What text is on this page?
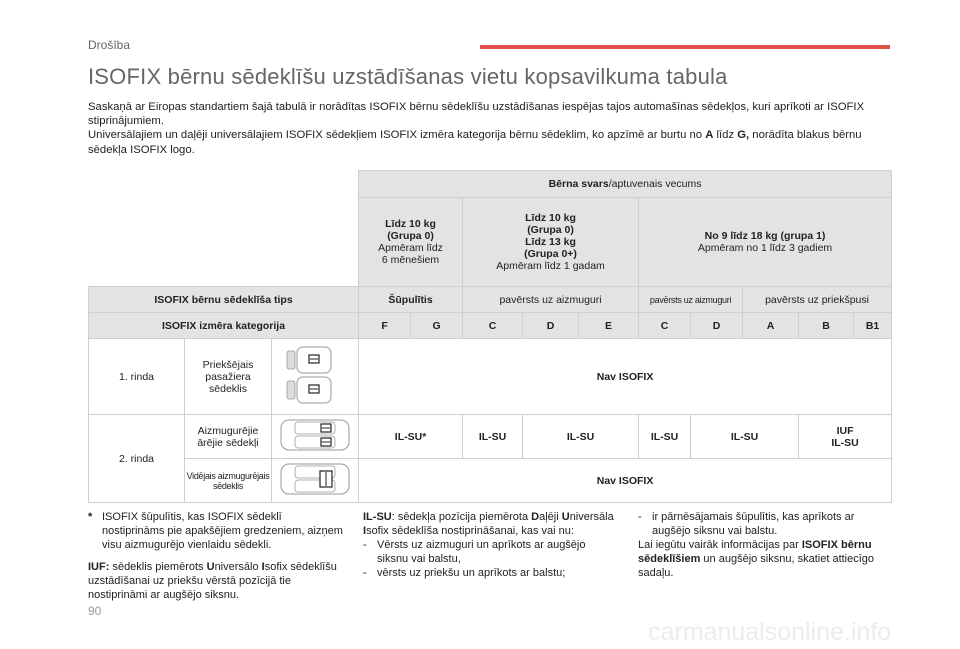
Drošība
ISOFIX bērnu sēdeklīšu uzstādīšanas vietu kopsavilkuma tabula
Saskaņā ar Eiropas standartiem šajā tabulā ir norādītas ISOFIX bērnu sēdeklīšu uzstādīšanas iespējas tajos automašīnas sēdekļos, kuri aprīkoti ar ISOFIX stiprinājumiem.
Universālajiem un daļēji universālajiem ISOFIX sēdekļiem ISOFIX izmēra kategorija bērnu sēdeklim, ko apzīmē ar burtu no A līdz G, norādīta blakus bērnu sēdekļa ISOFIX logo.
			Bērna svars/aptuvenais vecums									
			Līdz 10 kg
(Grupa 0)
Apmēram līdz
6 mēnešiem		Līdz 10 kg
(Grupa 0)
Līdz 13 kg
(Grupa 0+)
Apmēram līdz 1 gadam			No 9 līdz 18 kg (grupa 1)
Apmēram no 1 līdz 3 gadiem				
ISOFIX bērnu sēdeklīša tips			Šūpulītis		pavērsts uz aizmuguri			pavērsts uz aizmuguri		pavērsts uz priekšpusi		
ISOFIX izmēra kategorija			F	G	C	D	E	C	D	A	B	B1
1. rinda	Priekšējais
pasažiera
sēdeklis		Nav ISOFIX									
2. rinda	Aizmugurējie
ārējie sēdekļi		IL-SU*		IL-SU	IL-SU		IL-SU	IL-SU		IUF
IL-SU	
	Vidējais aizmugurējais
sēdeklis		Nav ISOFIX									
* ISOFIX šūpulītis, kas ISOFIX sēdeklī nostiprināms pie apakšējiem gredzeniem, aizņem visu aizmugurējo vienlaidu sēdekli.
IUF: sēdeklis piemērots Universālo Isofix sēdeklīšu uzstādīšanai uz priekšu vērstā pozīcijā tie nostiprināmi ar augšējo siksnu.
IL-SU: sēdekļa pozīcija piemērota Daļēji Universāla Isofix sēdeklīša nostiprināšanai, kas vai nu:
- Vērsts uz aizmuguri un aprīkots ar augšējo siksnu vai balstu,
- vērsts uz priekšu un aprīkots ar balstu;
- ir pārnēsājamais šūpulītis, kas aprīkots ar augšējo siksnu vai balstu.
Lai iegūtu vairāk informācijas par ISOFIX bērnu sēdeklīšiem un augšējo siksnu, skatiet attiecīgo sadaļu.
90
carmanualsonline.info
